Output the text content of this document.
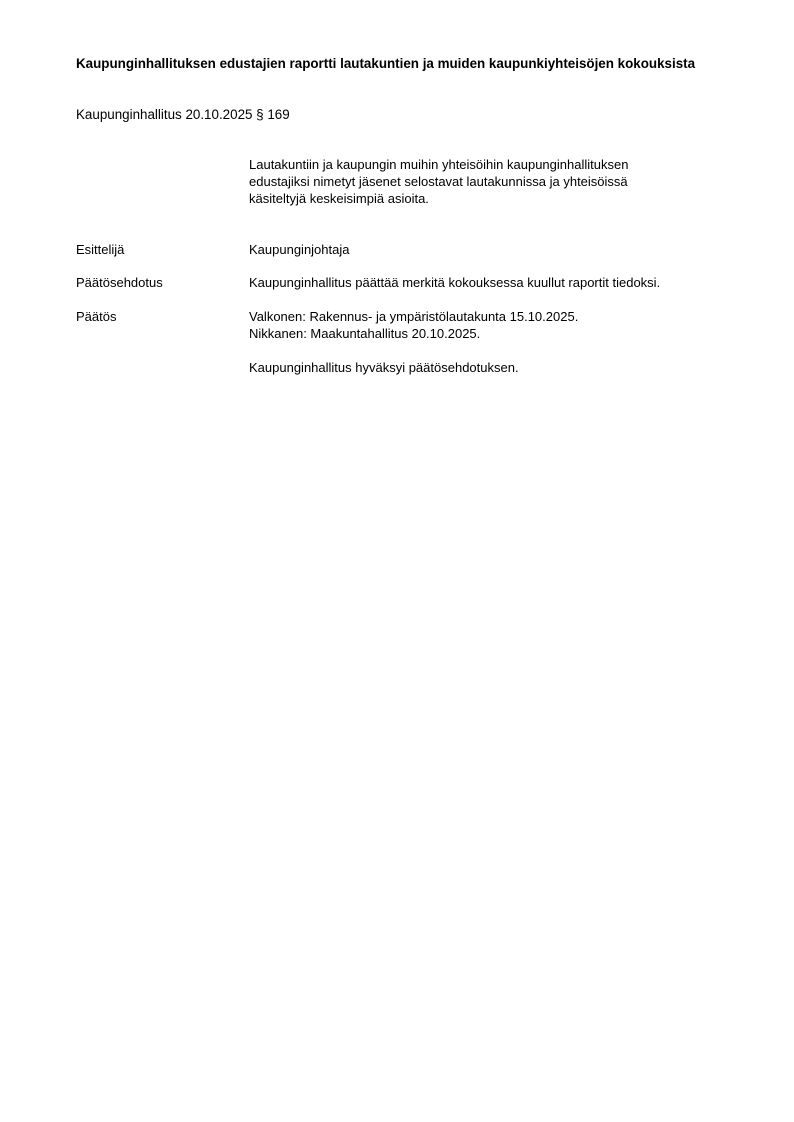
Kaupunginhallituksen edustajien raportti lautakuntien ja muiden kaupunkiyhteisöjen kokouksista

Kaupunginhallitus 20.10.2025 § 169

Lautakuntiin ja kaupungin muihin yhteisöihin kaupunginhallituksen
edustajiksi nimetyt jäsenet selostavat lautakunnissa ja yhteisöissä
käsiteltyjä keskeisimpiä asioita.

Esittelijä	Kaupunginjohtaja

Päätösehdotus	Kaupunginhallitus päättää merkitä kokouksessa kuullut raportit tiedoksi.

Päätös	Valkonen: Rakennus- ja ympäristölautakunta 15.10.2025.
Nikkanen: Maakuntahallitus 20.10.2025.

Kaupunginhallitus hyväksyi päätösehdotuksen.
